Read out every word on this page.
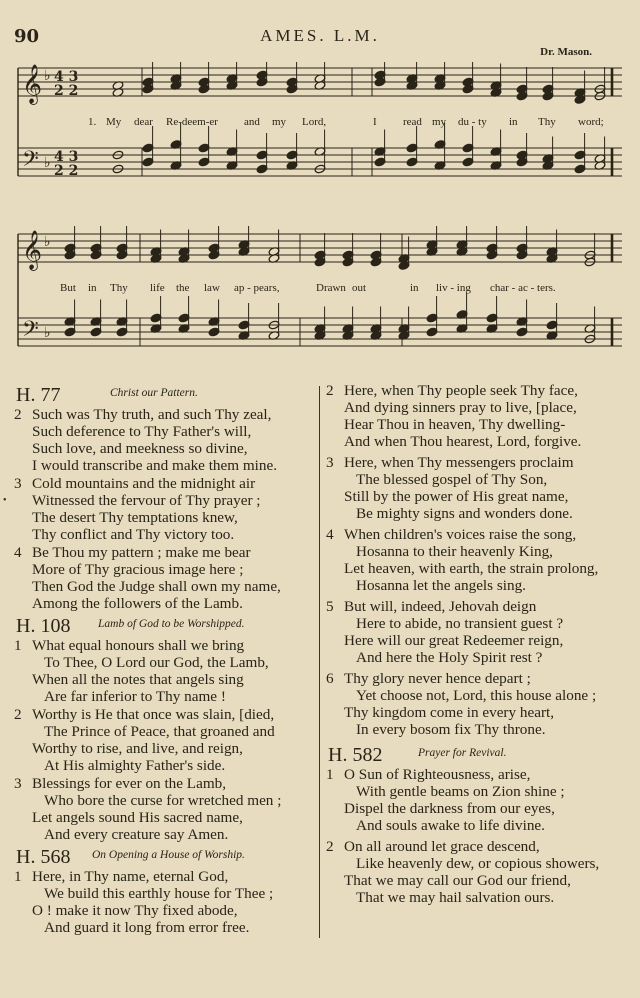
90	AMES. L.M.
Dr. Mason.
𝄞
𝄢
♭
♭
4 3
2 2
4 3
2 2
1. My dear Re-deem-er and my Lord,	I read my du - ty in Thy word;
𝄞
𝄢
♭
♭
But in Thy life the law ap - pears,	Drawn out	in liv - ing char - ac - ters.
H. 77	Christ our Pattern.
2 Such was Thy truth, and such Thy zeal,
Such deference to Thy Father's will,
Such love, and meekness so divine,
I would transcribe and make them mine.
3 Cold mountains and the midnight air
• Witnessed the fervour of Thy prayer ;
The desert Thy temptations knew,
Thy conflict and Thy victory too.
4 Be Thou my pattern ; make me bear
More of Thy gracious image here ;
Then God the Judge shall own my name,
Among the followers of the Lamb.
H. 108 Lamb of God to be Worshipped.
1 What equal honours shall we bring
To Thee, O Lord our God, the Lamb,
When all the notes that angels sing
Are far inferior to Thy name !
2 Worthy is He that once was slain, [died,
The Prince of Peace, that groaned and
Worthy to rise, and live, and reign,
At His almighty Father's side.
3 Blessings for ever on the Lamb,
Who bore the curse for wretched men ;
Let angels sound His sacred name,
And every creature say Amen.
H. 568 On Opening a House of Worship.
1 Here, in Thy name, eternal God,
We build this earthly house for Thee ;
O ! make it now Thy fixed abode,
And guard it long from error free.
2 Here, when Thy people seek Thy face,
And dying sinners pray to live, [place,
Hear Thou in heaven, Thy dwelling-
And when Thou hearest, Lord, forgive.
3 Here, when Thy messengers proclaim
The blessed gospel of Thy Son,
Still by the power of His great name,
Be mighty signs and wonders done.
4 When children's voices raise the song,
Hosanna to their heavenly King,
Let heaven, with earth, the strain prolong,
Hosanna let the angels sing.
5 But will, indeed, Jehovah deign
Here to abide, no transient guest ?
Here will our great Redeemer reign,
And here the Holy Spirit rest ?
6 Thy glory never hence depart ;
Yet choose not, Lord, this house alone ;
Thy kingdom come in every heart,
In every bosom fix Thy throne.
H. 582	Prayer for Revival.
1 O Sun of Righteousness, arise,
With gentle beams on Zion shine ;
Dispel the darkness from our eyes,
And souls awake to life divine.
2 On all around let grace descend,
Like heavenly dew, or copious showers,
That we may call our God our friend,
That we may hail salvation ours.
